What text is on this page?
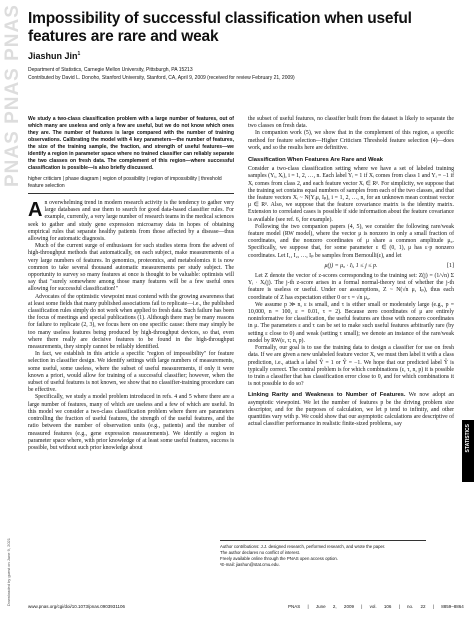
PNAS PNAS PNAS
Downloaded by guest on June 9, 2021
Impossibility of successful classification when useful features are rare and weak
Jiashun Jin$^1$
Department of Statistics, Carnegie Mellon University, Pittsburgh, PA 15213
Contributed by David L. Donoho, Stanford University, Stanford, CA, April 9, 2009 (received for review February 21, 2009)
We study a two-class classification problem with a large number of features, out of which many are useless and only a few are useful, but we do not know which ones they are. The number of features is large compared with the number of training observations. Calibrating the model with 4 key parameters—the number of features, the size of the training sample, the fraction, and strength of useful features—we identify a region in parameter space where no trained classifier can reliably separate the two classes on fresh data. The complement of this region—where successful classification is possible—is also briefly discussed.
higher criticism | phase diagram | region of possibility | region of impossibility | threshold feature selection

An overwhelming trend in modern research activity is the tendency to gather very large databases and use them to search for good data-based classifier rules. For example, currently, a very large number of research teams in the medical sciences seek to gather and study gene expression microarray data in hopes of obtaining empirical rules that separate healthy patients from those affected by a disease—thus allowing for automatic diagnosis.

Much of the current surge of enthusiasm for such studies stems from the advent of high-throughput methods that automatically, on each subject, make measurements of a very large numbers of features. In genomics, proteomics, and metabolomics it is now common to take several thousand automatic measurements per study subject. The opportunity to survey so many features at once is thought to be valuable: optimists will say that "surely somewhere among those many features will be a few useful ones allowing for successful classification!"

Advocates of the optimistic viewpoint must contend with the growing awareness that at least some fields that many published associations fail to replicate—i.e., the published classification rules simply do not work when applied to fresh data. Such failure has been the focus of meetings and special publications (1). Although there may be many reasons for failure to replicate (2, 3), we focus here on one specific cause: there may simply be too many useless features being produced by high-throughput devices, so that, even where there really are decisive features to be found in the high-throughput measurements, they simply cannot be reliably identified.

In fact, we establish in this article a specific "region of impossibility" for feature selection in classifier design. We identify settings with large numbers of measurements, some useful, some useless, where the subset of useful measurements, if only it were known a priori, would allow for training of a successful classifier; however, when the subset of useful features is not known, we show that no classifier-training procedure can be effective.

Specifically, we study a model problem introduced in refs. 4 and 5 where there are a large number of features, many of which are useless and a few of which are useful. In this model we consider a two-class classification problem where there are parameters controlling the fraction of useful features, the strength of the useful features, and the ratio between the number of observation units (e.g., patients) and the number of measured features (e.g., gene expression measurements). We identify a region in parameter space where, with prior knowledge of at least some useful features, success is possible, but without such prior knowledge about

the subset of useful features, no classifier built from the dataset is likely to separate the two classes on fresh data.

In companion work (5), we show that in the complement of this region, a specific method for feature selection—Higher Criticism Threshold feature selection (4)—does work, and so the results here are definitive.

Classification When Features Are Rare and Weak

Consider a two-class classification setting where we have a set of labeled training samples (Yᵢ, Xᵢ), i = 1, 2, …, n. Each label Yᵢ = 1 if Xᵢ comes from class 1 and Yᵢ = −1 if Xᵢ comes from class 2, and each feature vector Xᵢ ∈ Rᵖ. For simplicity, we suppose that the training set contains equal numbers of samples from each of the two classes, and that the feature vectors Xᵢ ~ N(Yᵢμ, Iₚ), i = 1, 2, …, n, for an unknown mean contrast vector μ ∈ Rᵖ. Also, we suppose that the feature covariance matrix is the identity matrix. Extension to correlated cases is possible if side information about the feature covariance is available (see ref. 6, for example).

Following the two companion papers (4, 5), we consider the following rare/weak feature model (RW model), where the vector μ is nonzero in only a small fraction of coordinates, and the nonzero coordinates of μ share a common amplitude μ₀. Specifically, we suppose that, for some parameter ε ∈ (0, 1), μ has ε·p nonzero coordinates. Let I₁, I₂, …, Iₚ be samples from Bernoulli(ε), and let

μ(j) = μ₀ · Iⱼ, 1 ≤ j ≤ p.	[1]

Let Z denote the vector of z-scores corresponding to the training set: Z(j) = (1/√n) Σ Yᵢ · Xᵢ(j). The j-th z-score arises in a formal normal-theory test of whether the j-th feature is useless or useful. Under our assumptions, Z ~ N(√n μ, Iₚ), thus each coordinate of Z has expectation either 0 or τ = √n μ₀.

We assume p ≫ n, ε is small, and τ is either small or moderately large (e.g., p = 10,000, n = 100, ε = 0.01, τ = 2). Because zero coordinates of μ are entirely noninformative for classification, the useful features are those with nonzero coordinates in μ. The parameters ε and τ can be set to make such useful features arbitrarily rare (by setting ε close to 0) and weak (setting τ small); we denote an instance of the rare/weak model by RW(ε, τ; n, p).

Formally, our goal is to use the training data to design a classifier for use on fresh data. If we are given a new unlabeled feature vector X, we must then label it with a class prediction, i.e., attach a label Ŷ = 1 or Ŷ = −1. We hope that our predicted label Ŷ is typically correct. The central problem is for which combinations (ε, τ, n, p) it is possible to train a classifier that has classification error close to 0, and for which combinations it is not possible to do so?

Linking Rarity and Weakness to Number of Features. We now adopt an asymptotic viewpoint. We let the number of features p be the driving problem size descriptor, and for the purposes of calculation, we let p tend to infinity, and other quantities vary with p. We could show that our asymptotic calculations are descriptive of actual classifier performance in realistic finite-sized problems, say

Author contributions: J.J. designed research, performed research, and wrote the paper.
The author declares no conflict of interest.
Freely available online through the PNAS open access option.
¹E-mail: jiashun@stat.cmu.edu.
STATISTICS
www.pnas.org/cgi/doi/10.1073/pnas.0903931106	PNAS | June 2, 2009 | vol. 106 | no. 22 | 8859–8864
